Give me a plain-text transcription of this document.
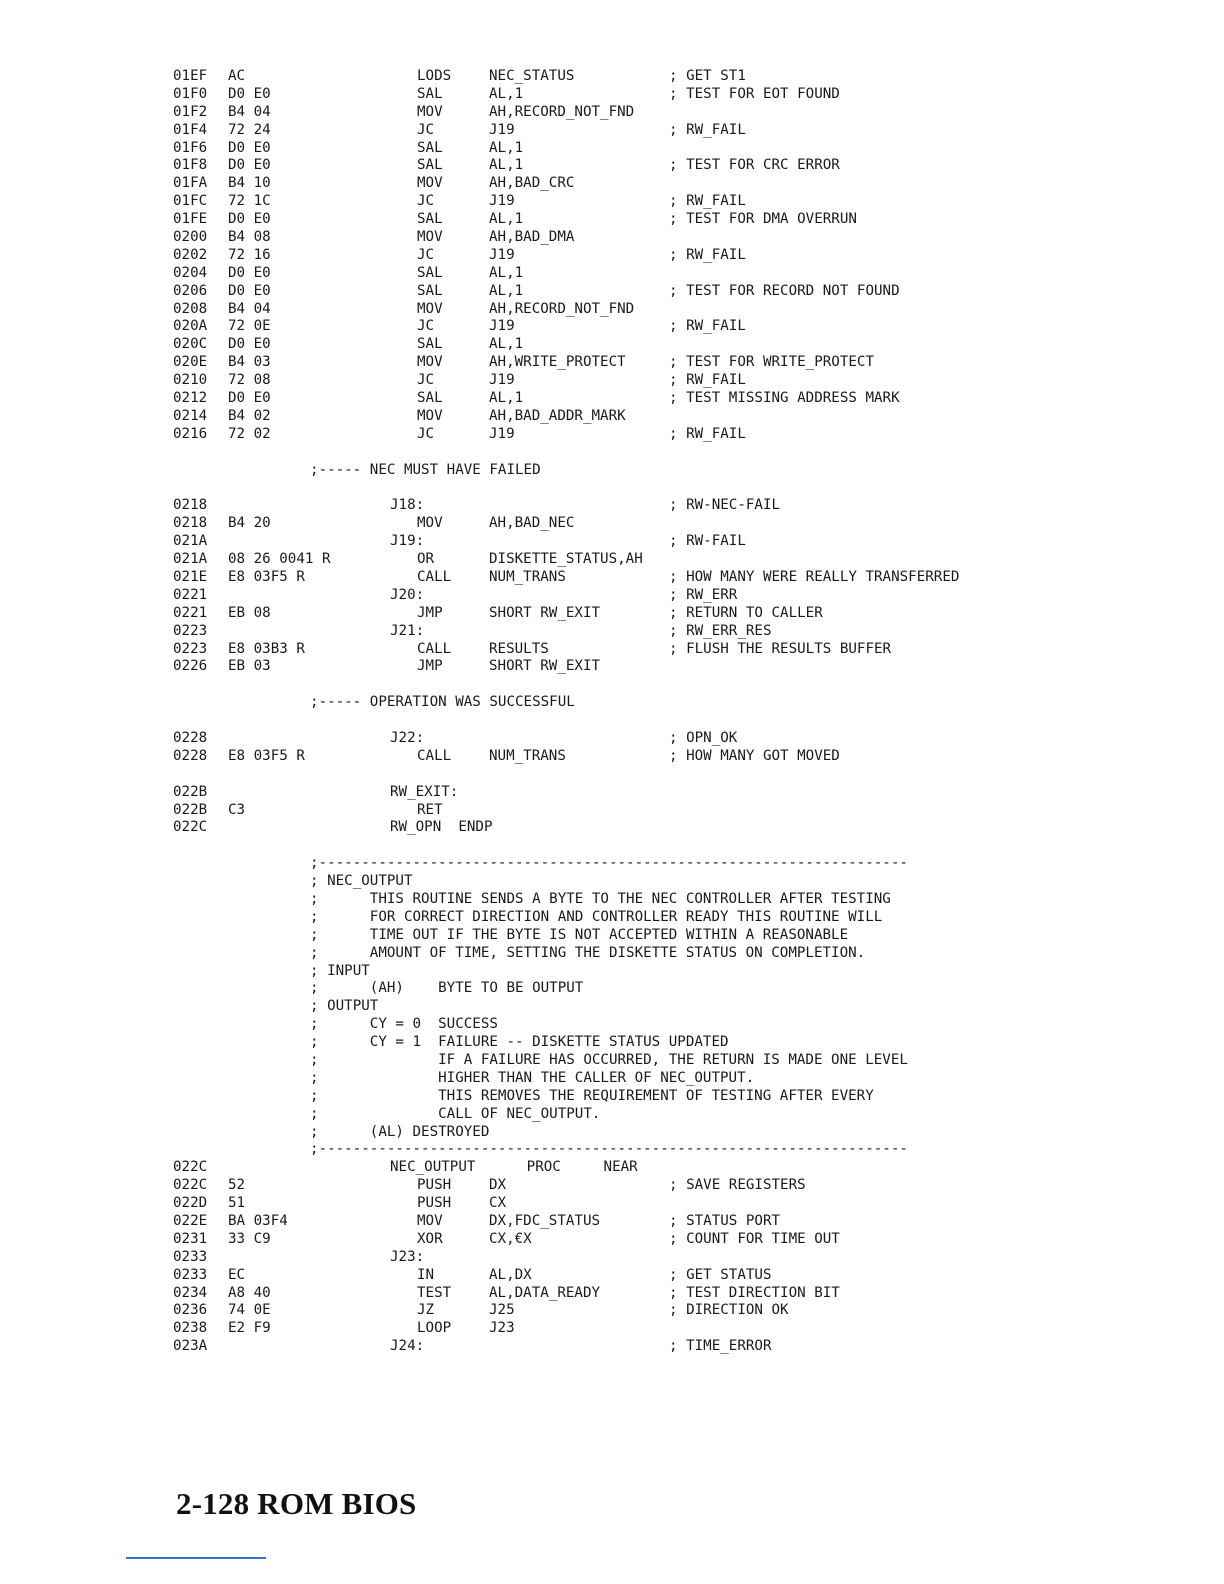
01EF AC	LODS	NEC_STATUS	; GET ST1
01F0 D0 E0	SAL	AL,1	; TEST FOR EOT FOUND
01F2 B4 04	MOV	AH,RECORD_NOT_FND
01F4 72 24	JC	J19	; RW_FAIL
01F6 D0 E0	SAL	AL,1
01F8 D0 E0	SAL	AL,1	; TEST FOR CRC ERROR
01FA B4 10	MOV	AH,BAD_CRC
01FC 72 1C	JC	J19	; RW_FAIL
01FE D0 E0	SAL	AL,1	; TEST FOR DMA OVERRUN
0200 B4 08	MOV	AH,BAD_DMA
0202 72 16	JC	J19	; RW_FAIL
0204 D0 E0	SAL	AL,1
0206 D0 E0	SAL	AL,1	; TEST FOR RECORD NOT FOUND
0208 B4 04	MOV	AH,RECORD_NOT_FND
020A 72 0E	JC	J19	; RW_FAIL
020C D0 E0	SAL	AL,1
020E B4 03	MOV	AH,WRITE_PROTECT	; TEST FOR WRITE_PROTECT
0210 72 08	JC	J19	; RW_FAIL
0212 D0 E0	SAL	AL,1	; TEST MISSING ADDRESS MARK
0214 B4 02	MOV	AH,BAD_ADDR_MARK
0216 72 02	JC	J19	; RW_FAIL
;----- NEC MUST HAVE FAILED
0218	J18:	; RW-NEC-FAIL
0218 B4 20	MOV	AH,BAD_NEC
021A	J19:	; RW-FAIL
021A 08 26 0041 R	OR	DISKETTE_STATUS,AH
021E E8 03F5 R	CALL	NUM_TRANS	; HOW MANY WERE REALLY TRANSFERRED
0221	J20:	; RW_ERR
0221 EB 08	JMP	SHORT RW_EXIT	; RETURN TO CALLER
0223	J21:	; RW_ERR_RES
0223 E8 03B3 R	CALL	RESULTS	; FLUSH THE RESULTS BUFFER
0226 EB 03	JMP	SHORT RW_EXIT
;----- OPERATION WAS SUCCESSFUL
0228	J22:	; OPN_OK
0228 E8 03F5 R	CALL	NUM_TRANS	; HOW MANY GOT MOVED
022B	RW_EXIT:
022B C3	RET
022C	RW_OPN  ENDP
;---------------------------------------------------------------------
; NEC_OUTPUT
;      THIS ROUTINE SENDS A BYTE TO THE NEC CONTROLLER AFTER TESTING
;      FOR CORRECT DIRECTION AND CONTROLLER READY THIS ROUTINE WILL
;      TIME OUT IF THE BYTE IS NOT ACCEPTED WITHIN A REASONABLE
;      AMOUNT OF TIME, SETTING THE DISKETTE STATUS ON COMPLETION.
; INPUT
;      (AH)    BYTE TO BE OUTPUT
; OUTPUT
;      CY = 0  SUCCESS
;      CY = 1  FAILURE -- DISKETTE STATUS UPDATED
;              IF A FAILURE HAS OCCURRED, THE RETURN IS MADE ONE LEVEL
;              HIGHER THAN THE CALLER OF NEC_OUTPUT.
;              THIS REMOVES THE REQUIREMENT OF TESTING AFTER EVERY
;              CALL OF NEC_OUTPUT.
;      (AL) DESTROYED
;---------------------------------------------------------------------
022C	NEC_OUTPUT      PROC     NEAR
022C 52	PUSH	DX	; SAVE REGISTERS
022D 51	PUSH	CX
022E BA 03F4	MOV	DX,FDC_STATUS	; STATUS PORT
0231 33 C9	XOR	CX,€X	; COUNT FOR TIME OUT
0233	J23:
0233 EC	IN	AL,DX	; GET STATUS
0234 A8 40	TEST	AL,DATA_READY	; TEST DIRECTION BIT
0236 74 0E	JZ	J25	; DIRECTION OK
0238 E2 F9	LOOP	J23
023A	J24:	; TIME_ERROR
2-128 ROM BIOS
